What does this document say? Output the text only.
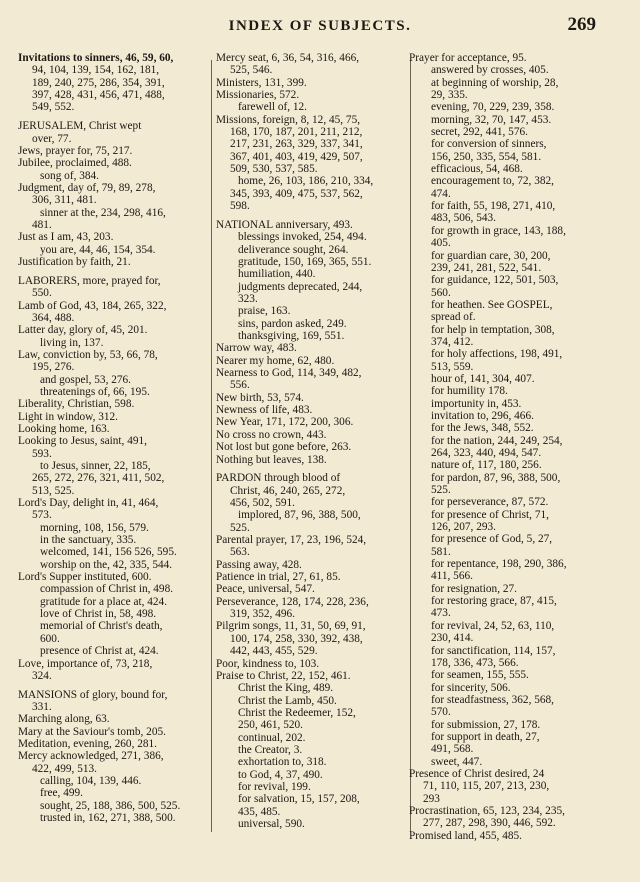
INDEX OF SUBJECTS.	269
Invitations to sinners, 46, 59, 60,
94, 104, 139, 154, 162, 181,
189, 240, 275, 286, 354, 391,
397, 428, 431, 456, 471, 488,
549, 552.
JERUSALEM, Christ wept
over, 77.
Jews, prayer for, 75, 217.
Jubilee, proclaimed, 488.
song of, 384.
Judgment, day of, 79, 89, 278,
306, 311, 481.
sinner at the, 234, 298, 416,
481.
Just as I am, 43, 203.
you are, 44, 46, 154, 354.
Justification by faith, 21.
LABORERS, more, prayed for,
550.
Lamb of God, 43, 184, 265, 322,
364, 488.
Latter day, glory of, 45, 201.
living in, 137.
Law, conviction by, 53, 66, 78,
195, 276.
and gospel, 53, 276.
threatenings of, 66, 195.
Liberality, Christian, 598.
Light in window, 312.
Looking home, 163.
Looking to Jesus, saint, 491,
593.
to Jesus, sinner, 22, 185,
265, 272, 276, 321, 411, 502,
513, 525.
Lord's Day, delight in, 41, 464,
573.
morning, 108, 156, 579.
in the sanctuary, 335.
welcomed, 141, 156 526, 595.
worship on the, 42, 335, 544.
Lord's Supper instituted, 600.
compassion of Christ in, 498.
gratitude for a place at, 424.
love of Christ in, 58, 498.
memorial of Christ's death,
600.
presence of Christ at, 424.
Love, importance of, 73, 218,
324.
MANSIONS of glory, bound for,
331.
Marching along, 63.
Mary at the Saviour's tomb, 205.
Meditation, evening, 260, 281.
Mercy acknowledged, 271, 386,
422, 499, 513.
calling, 104, 139, 446.
free, 499.
sought, 25, 188, 386, 500, 525.
trusted in, 162, 271, 388, 500.
Mercy seat, 6, 36, 54, 316, 466,
525, 546.
Ministers, 131, 399.
Missionaries, 572.
farewell of, 12.
Missions, foreign, 8, 12, 45, 75,
168, 170, 187, 201, 211, 212,
217, 231, 263, 329, 337, 341,
367, 401, 403, 419, 429, 507,
509, 530, 537, 585.
home, 26, 103, 186, 210, 334,
345, 393, 409, 475, 537, 562,
598.
NATIONAL anniversary, 493.
blessings invoked, 254, 494.
deliverance sought, 264.
gratitude, 150, 169, 365, 551.
humiliation, 440.
judgments deprecated, 244,
323.
praise, 163.
sins, pardon asked, 249.
thanksgiving, 169, 551.
Narrow way, 483.
Nearer my home, 62, 480.
Nearness to God, 114, 349, 482,
556.
New birth, 53, 574.
Newness of life, 483.
New Year, 171, 172, 200, 306.
No cross no crown, 443.
Not lost but gone before, 263.
Nothing but leaves, 138.
PARDON through blood of
Christ, 46, 240, 265, 272,
456, 502, 591.
implored, 87, 96, 388, 500,
525.
Parental prayer, 17, 23, 196, 524,
563.
Passing away, 428.
Patience in trial, 27, 61, 85.
Peace, universal, 547.
Perseverance, 128, 174, 228, 236,
319, 352, 496.
Pilgrim songs, 11, 31, 50, 69, 91,
100, 174, 258, 330, 392, 438,
442, 443, 455, 529.
Poor, kindness to, 103.
Praise to Christ, 22, 152, 461.
Christ the King, 489.
Christ the Lamb, 450.
Christ the Redeemer, 152,
250, 461, 520.
continual, 202.
the Creator, 3.
exhortation to, 318.
to God, 4, 37, 490.
for revival, 199.
for salvation, 15, 157, 208,
435, 485.
universal, 590.
Prayer for acceptance, 95.
answered by crosses, 405.
at beginning of worship, 28,
29, 335.
evening, 70, 229, 239, 358.
morning, 32, 70, 147, 453.
secret, 292, 441, 576.
for conversion of sinners,
156, 250, 335, 554, 581.
efficacious, 54, 468.
encouragement to, 72, 382,
474.
for faith, 55, 198, 271, 410,
483, 506, 543.
for growth in grace, 143, 188,
405.
for guardian care, 30, 200,
239, 241, 281, 522, 541.
for guidance, 122, 501, 503,
560.
for heathen. See GOSPEL,
spread of.
for help in temptation, 308,
374, 412.
for holy affections, 198, 491,
513, 559.
hour of, 141, 304, 407.
for humility 178.
importunity in, 453.
invitation to, 296, 466.
for the Jews, 348, 552.
for the nation, 244, 249, 254,
264, 323, 440, 494, 547.
nature of, 117, 180, 256.
for pardon, 87, 96, 388, 500,
525.
for perseverance, 87, 572.
for presence of Christ, 71,
126, 207, 293.
for presence of God, 5, 27,
581.
for repentance, 198, 290, 386,
411, 566.
for resignation, 27.
for restoring grace, 87, 415,
473.
for revival, 24, 52, 63, 110,
230, 414.
for sanctification, 114, 157,
178, 336, 473, 566.
for seamen, 155, 555.
for sincerity, 506.
for steadfastness, 362, 568,
570.
for submission, 27, 178.
for support in death, 27,
491, 568.
sweet, 447.
Presence of Christ desired, 24
71, 110, 115, 207, 213, 230,
293
Procrastination, 65, 123, 234, 235,
277, 287, 298, 390, 446, 592.
Promised land, 455, 485.
